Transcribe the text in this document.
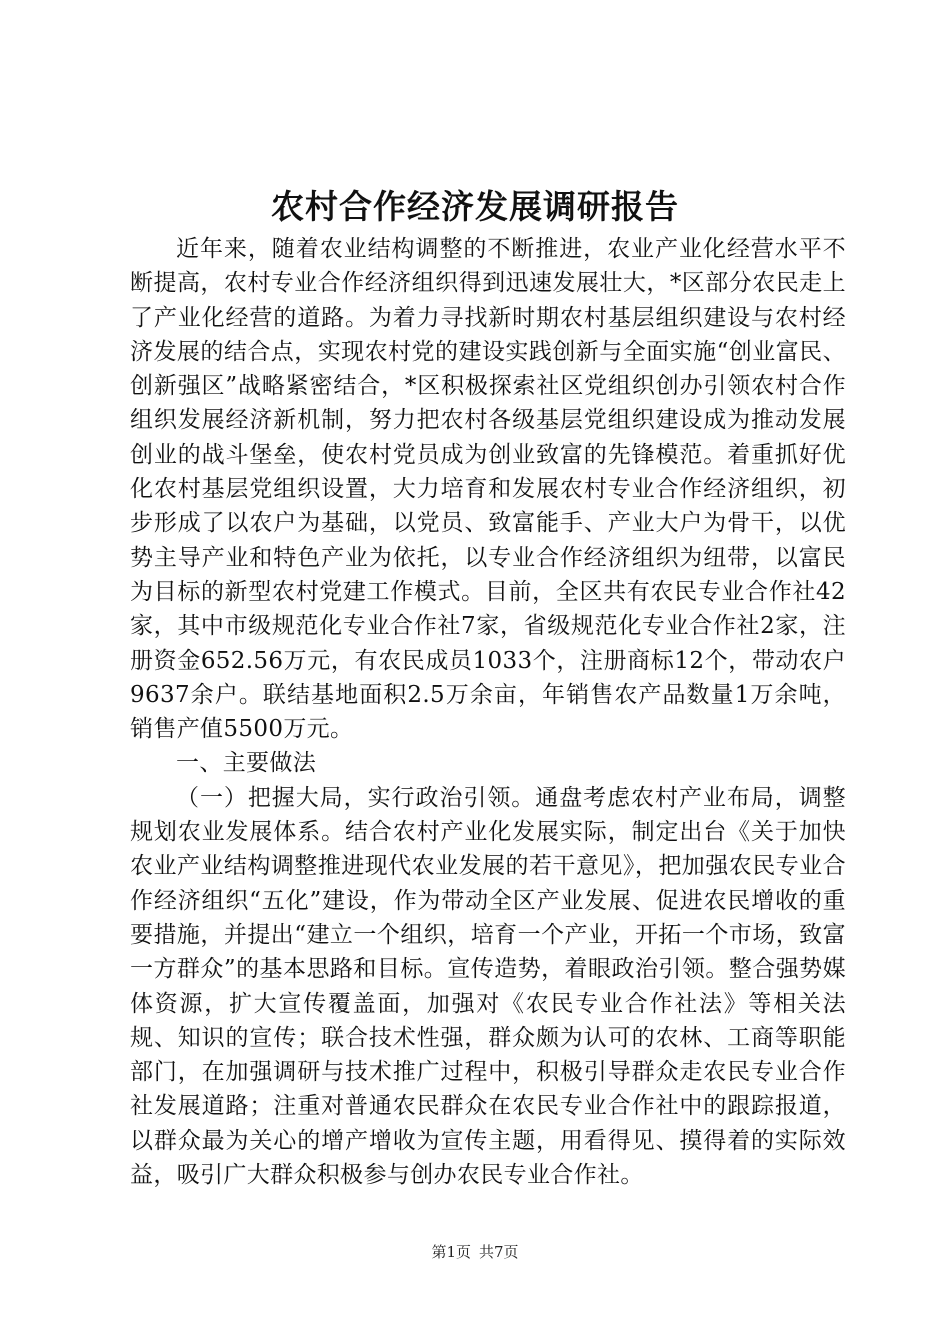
农村合作经济发展调研报告

近年来，随着农业结构调整的不断推进，农业产业化经营水平不断提高，农村专业合作经济组织得到迅速发展壮大，*区部分农民走上了产业化经营的道路。为着力寻找新时期农村基层组织建设与农村经济发展的结合点，实现农村党的建设实践创新与全面实施“创业富民、创新强区”战略紧密结合，*区积极探索社区党组织创办引领农村合作组织发展经济新机制，努力把农村各级基层党组织建设成为推动发展创业的战斗堡垒，使农村党员成为创业致富的先锋模范。着重抓好优化农村基层党组织设置，大力培育和发展农村专业合作经济组织，初步形成了以农户为基础，以党员、致富能手、产业大户为骨干，以优势主导产业和特色产业为依托，以专业合作经济组织为纽带，以富民为目标的新型农村党建工作模式。目前，全区共有农民专业合作社42家，其中市级规范化专业合作社7家，省级规范化专业合作社2家，注册资金652.56万元，有农民成员1033个，注册商标12个，带动农户9637余户。联结基地面积2.5万余亩，年销售农产品数量1万余吨，销售产值5500万元。

一、主要做法

（一）把握大局，实行政治引领。通盘考虑农村产业布局，调整规划农业发展体系。结合农村产业化发展实际，制定出台《关于加快农业产业结构调整推进现代农业发展的若干意见》，把加强农民专业合作经济组织“五化”建设，作为带动全区产业发展、促进农民增收的重要措施，并提出“建立一个组织，培育一个产业，开拓一个市场，致富一方群众”的基本思路和目标。宣传造势，着眼政治引领。整合强势媒体资源，扩大宣传覆盖面，加强对《农民专业合作社法》等相关法规、知识的宣传；联合技术性强，群众颇为认可的农林、工商等职能部门，在加强调研与技术推广过程中，积极引导群众走农民专业合作社发展道路；注重对普通农民群众在农民专业合作社中的跟踪报道，以群众最为关心的增产增收为宣传主题，用看得见、摸得着的实际效益，吸引广大群众积极参与创办农民专业合作社。

第1页 共7页
